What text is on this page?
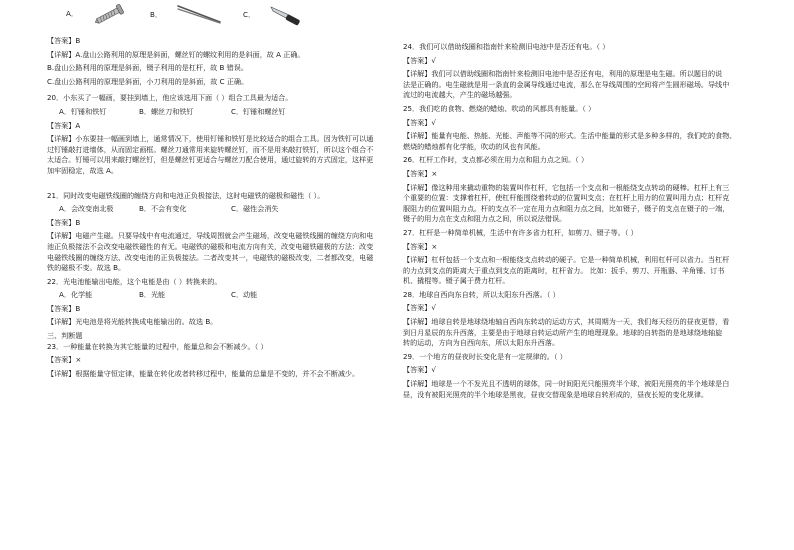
A．	B．	C．
【答案】B
【详解】A.盘山公路利用的原理是斜面，螺丝钉的螺纹利用的是斜面，故 A 正确。
B.盘山公路利用的原理是斜面，镊子利用的是杠杆，故 B 错误。
C.盘山公路利用的原理是斜面，小刀利用的是斜面，故 C 正确。
20．小东买了一幅画，要挂到墙上，他应该选用下面（ ）组合工具最为适合。
A．钉锤和铁钉	B．螺丝刀和铁钉	C．钉锤和螺丝钉
【答案】A
【详解】小东要挂一幅画到墙上，通常情况下，使用钉锤和铁钉是比较适合的组合工具。因为铁钉可以通
过钉锤敲打进墙体，从而固定画框。螺丝刀通常用来旋转螺丝钉，而不是用来敲打铁钉，所以这个组合不
太适合。钉锤可以用来敲打螺丝钉，但是螺丝钉更适合与螺丝刀配合使用，通过旋转的方式固定，这样更
加牢固稳定，故选 A。
21．同时改变电磁铁线圈的缠绕方向和电池正负极接法，这时电磁铁的磁极和磁性（ ）。
A．会改变南北极	B．不会有变化	C．磁性会消失
【答案】B
【详解】电磁产生磁。只要导线中有电流通过，导线周围就会产生磁场，改变电磁铁线圈的缠绕方向和电
池正负极接法不会改变电磁铁磁性的有无。电磁铁的磁极和电流方向有关，改变电磁铁磁极的方法：改变
电磁铁线圈的缠绕方法、改变电池的正负极接法。二者改变其一，电磁铁的磁极改变，二者都改变，电磁
铁的磁极不变。故选 B。
22．光电池能输出电能，这个电能是由（ ）转换来的。
A．化学能	B．光能	C．动能
【答案】B
【详解】光电池是将光能转换成电能输出的。故选 B。
三、判断题
23．一种能量在转换为其它能量的过程中，能量总和会不断减少。（ ）
【答案】×
【详解】根据能量守恒定律，能量在转化或者转移过程中，能量的总量是不变的，并不会不断减少。
24．我们可以借助线圈和指南针来检测旧电池中是否还有电。（ ）
【答案】√
【详解】我们可以借助线圈和指南针来检测旧电池中是否还有电，利用的原理是电生磁。所以题目的说
法是正确的。电生磁就是用一条直的金属导线通过电流，那么在导线周围的空间将产生圆形磁场。导线中
流过的电流越大，产生的磁场越强。
25．我们吃的食物、燃烧的蜡烛、吹动的风都具有能量。（ ）
【答案】√
【详解】能量有电能、热能、光能、声能等不同的形式。生活中能量的形式是多种多样的，我们吃的食物、
燃烧的蜡烛都有化学能，吹动的风也有风能。
26．杠杆工作时，支点都必须在用力点和阻力点之间。（ ）
【答案】×
【详解】像这种用来撬动重物的装置叫作杠杆，它包括一个支点和一根能绕支点转动的硬棒。杠杆上有三
个重要的位置：支撑着杠杆，使杠杆能围绕着转动的位置叫支点；在杠杆上用力的位置叫用力点；杠杆克
服阻力的位置叫阻力点。杆的支点不一定在用力点和阻力点之间，比如镊子，镊子的支点在镊子的一端，
镊子的用力点在支点和阻力点之间，所以说法错误。
27．杠杆是一种简单机械，生活中有许多省力杠杆，如剪刀、镊子等。（ ）
【答案】×
【详解】杠杆包括一个支点和一根能绕支点转动的硬子。它是一种简单机械，利用杠杆可以省力。当杠杆
的力点到支点的距离大于重点到支点的距离时，杠杆省力。 比如：扳手、剪刀、开瓶器、羊角锤、订书
机、撬棍等。镊子属于费力杠杆。
28．地球自西向东自转，所以太阳东升西落。（ ）
【答案】√
【详解】地球自转是地球绕地轴自西向东转动的运动方式，其周期为一天，我们每天经历的昼夜更替，看
到日月星辰的东升西落，主要是由于地球自转运动所产生的地理现象。地球的自转指的是地球绕地轴旋
转的运动，方向为自西向东，所以太阳东升西落。
29．一个地方的昼夜时长变化是有一定规律的。（ ）
【答案】√
【详解】地球是一个不发光且不透明的球体，同一时间阳光只能照亮半个球，被阳光照亮的半个地球是白
昼，没有被阳光照亮的半个地球是黑夜，昼夜交替现象是地球自转形成的，昼夜长短的变化规律。
